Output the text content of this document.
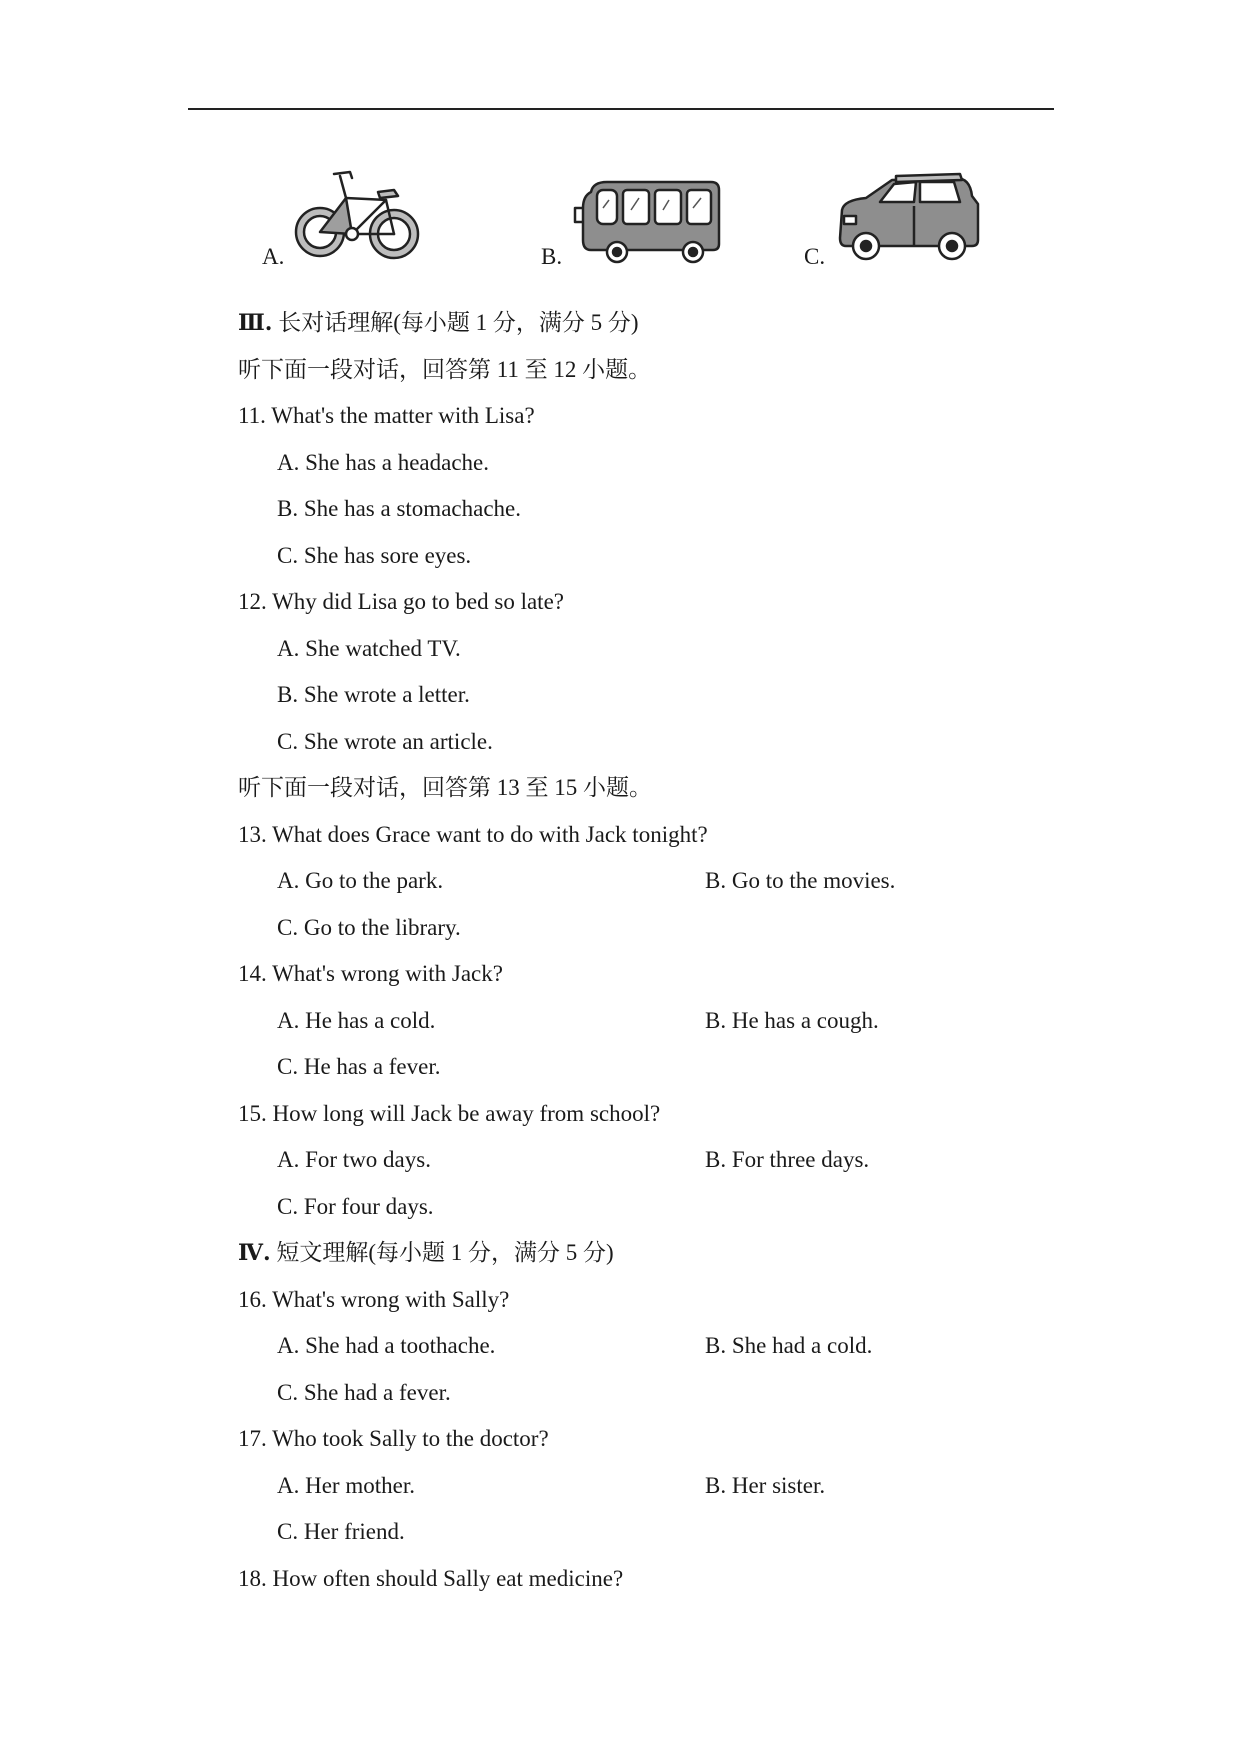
A.	B.	C.
Ⅲ. 长对话理解(每小题 1 分，满分 5 分)
听下面一段对话，回答第 11 至 12 小题。
11. What's the matter with Lisa?
A. She has a headache.
B. She has a stomachache.
C. She has sore eyes.
12. Why did Lisa go to bed so late?
A. She watched TV.
B. She wrote a letter.
C. She wrote an article.
听下面一段对话，回答第 13 至 15 小题。
13. What does Grace want to do with Jack tonight?
A. Go to the park.	B. Go to the movies.
C. Go to the library.
14. What's wrong with Jack?
A. He has a cold.	B. He has a cough.
C. He has a fever.
15. How long will Jack be away from school?
A. For two days.	B. For three days.
C. For four days.
Ⅳ. 短文理解(每小题 1 分，满分 5 分)
16. What's wrong with Sally?
A. She had a toothache.	B. She had a cold.
C. She had a fever.
17. Who took Sally to the doctor?
A. Her mother.	B. Her sister.
C. Her friend.
18. How often should Sally eat medicine?
